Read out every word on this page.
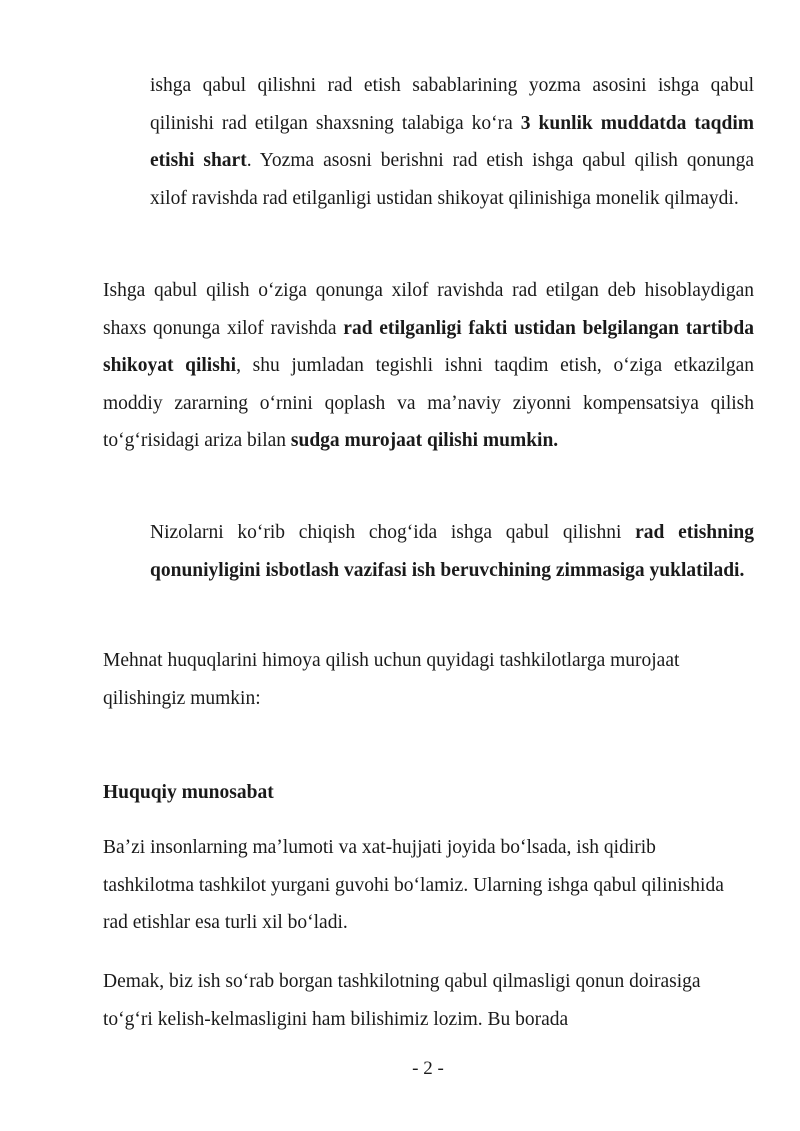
ishga qabul qilishni rad etish sabablarining yozma asosini ishga qabul qilinishi rad etilgan shaxsning talabiga koʻra 3 kunlik muddatda taqdim etishi shart. Yozma asosni berishni rad etish ishga qabul qilish qonunga xilof ravishda rad etilganligi ustidan shikoyat qilinishiga monelik qilmaydi.

Ishga qabul qilish oʻziga qonunga xilof ravishda rad etilgan deb hisoblaydigan shaxs qonunga xilof ravishda rad etilganligi fakti ustidan belgilangan tartibda shikoyat qilishi, shu jumladan tegishli ishni taqdim etish, oʻziga etkazilgan moddiy zararning oʻrnini qoplash va maʼnaviy ziyonni kompensatsiya qilish toʻgʻrisidagi ariza bilan sudga murojaat qilishi mumkin.

Nizolarni koʻrib chiqish chogʻida ishga qabul qilishni rad etishning qonuniyligini isbotlash vazifasi ish beruvchining zimmasiga yuklatiladi.

Mehnat huquqlarini himoya qilish uchun quyidagi tashkilotlarga murojaat qilishingiz mumkin:

Huquqiy munosabat

Baʼzi insonlarning maʼlumoti va xat-hujjati joyida boʻlsada, ish qidirib tashkilotma tashkilot yurgani guvohi boʻlamiz. Ularning ishga qabul qilinishida rad etishlar esa turli xil boʻladi.

Demak, biz ish soʻrab borgan tashkilotning qabul qilmasligi qonun doirasiga toʻgʻri kelish-kelmasligini ham bilishimiz lozim. Bu borada

- 2 -
